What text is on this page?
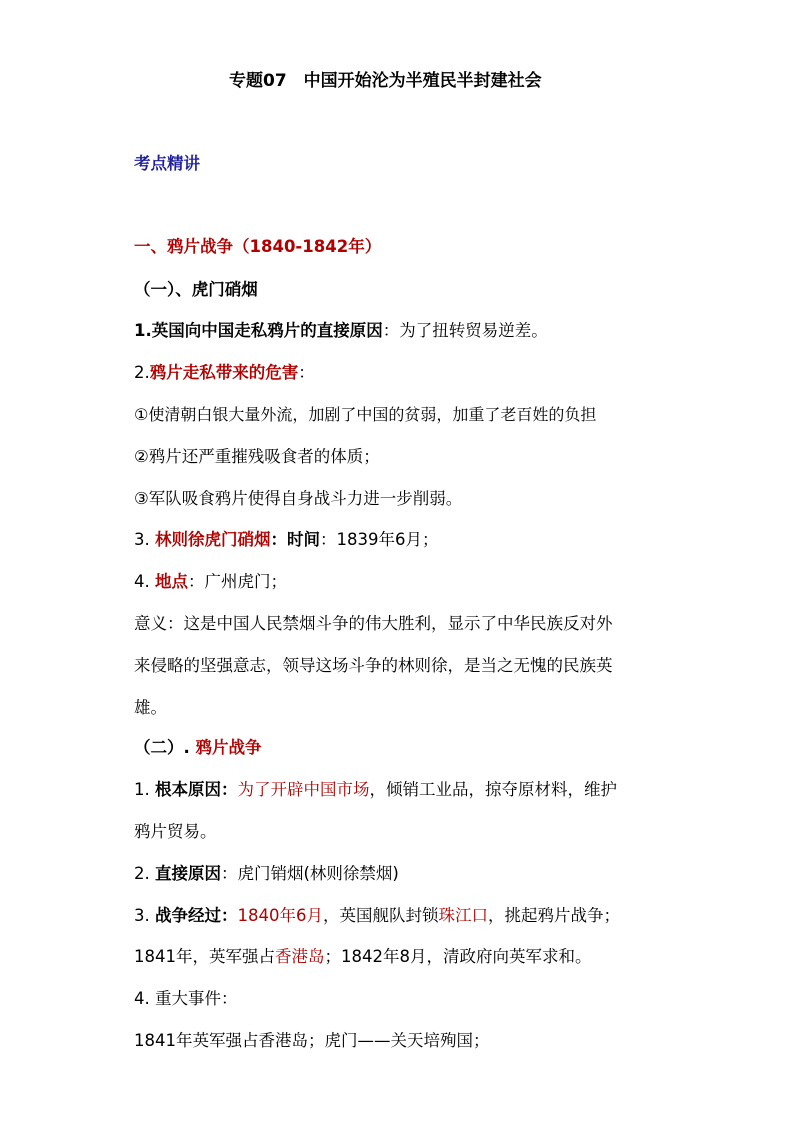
专题07　中国开始沦为半殖民半封建社会
考点精讲
一、鸦片战争（1840-1842年）
（一）、虎门硝烟
1.英国向中国走私鸦片的直接原因：为了扭转贸易逆差。
2.鸦片走私带来的危害：
①使清朝白银大量外流，加剧了中国的贫弱，加重了老百姓的负担
②鸦片还严重摧残吸食者的体质；
③军队吸食鸦片使得自身战斗力进一步削弱。
3. 林则徐虎门硝烟：时间：1839年6月；
4. 地点：广州虎门；
意义：这是中国人民禁烟斗争的伟大胜利，显示了中华民族反对外
来侵略的坚强意志，领导这场斗争的林则徐，是当之无愧的民族英
雄。
（二）. 鸦片战争
1. 根本原因：为了开辟中国市场，倾销工业品，掠夺原材料，维护
鸦片贸易。
2. 直接原因：虎门销烟(林则徐禁烟)
3. 战争经过：1840年6月，英国舰队封锁珠江口，挑起鸦片战争；
1841年，英军强占香港岛；1842年8月，清政府向英军求和。
4. 重大事件：
1841年英军强占香港岛；虎门——关天培殉国；
